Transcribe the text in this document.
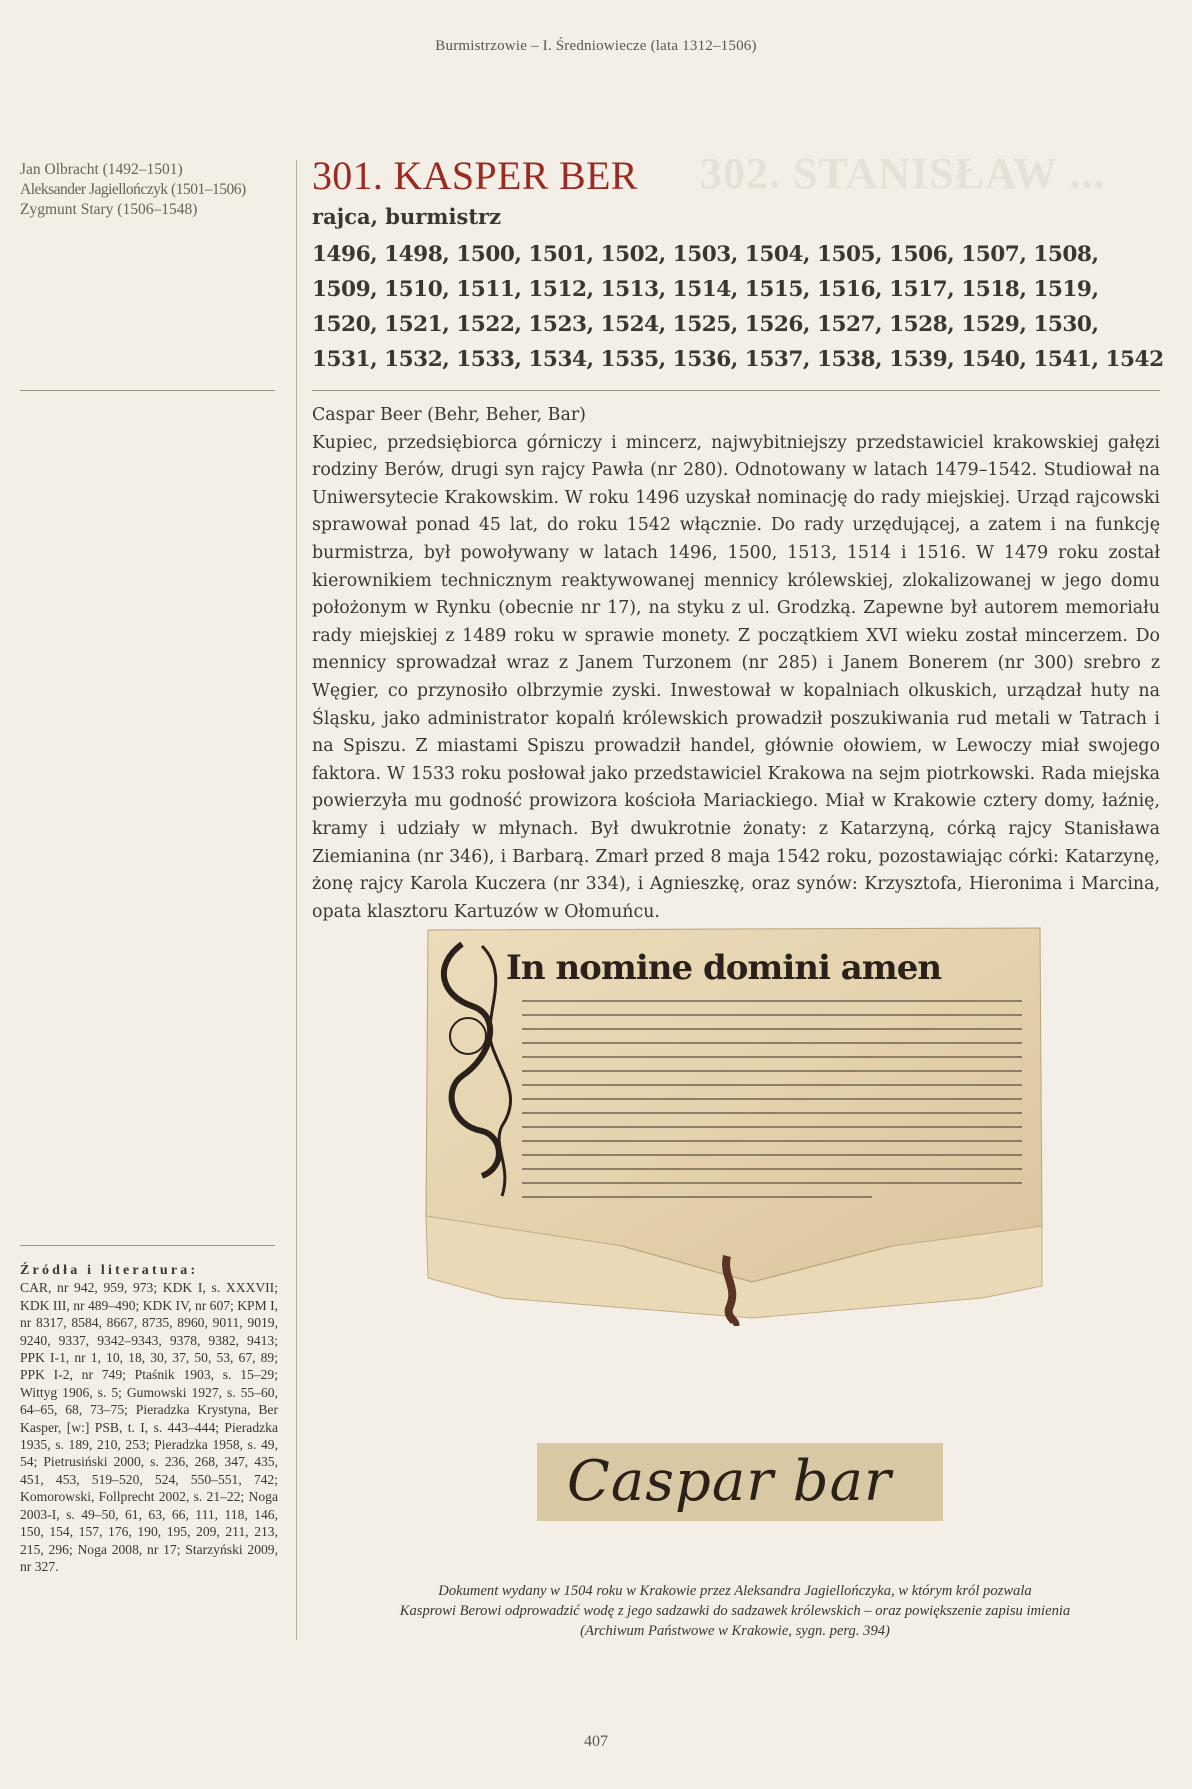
302. STANISŁAW ...
Burmistrzowie – I. Średniowiecze (lata 1312–1506)
Jan Olbracht (1492–1501)
Aleksander Jagiellończyk (1501–1506)
Zygmunt Stary (1506–1548)
301. KASPER BER
rajca, burmistrz
1496, 1498, 1500, 1501, 1502, 1503, 1504, 1505, 1506, 1507, 1508, 1509, 1510, 1511, 1512, 1513, 1514, 1515, 1516, 1517, 1518, 1519, 1520, 1521, 1522, 1523, 1524, 1525, 1526, 1527, 1528, 1529, 1530, 1531, 1532, 1533, 1534, 1535, 1536, 1537, 1538, 1539, 1540, 1541, 1542
Caspar Beer (Behr, Beher, Bar)
Kupiec, przedsiębiorca górniczy i mincerz, najwybitniejszy przedstawiciel krakowskiej gałęzi rodziny Berów, drugi syn rajcy Pawła (nr 280). Odnotowany w latach 1479–1542. Studiował na Uniwersytecie Krakowskim. W roku 1496 uzyskał nominację do rady miejskiej. Urząd rajcowski sprawował ponad 45 lat, do roku 1542 włącznie. Do rady urzędującej, a zatem i na funkcję burmistrza, był powoływany w latach 1496, 1500, 1513, 1514 i 1516. W 1479 roku został kierownikiem technicznym reaktywowanej mennicy królewskiej, zlokalizowanej w jego domu położonym w Rynku (obecnie nr 17), na styku z ul. Grodzką. Zapewne był autorem memoriału rady miejskiej z 1489 roku w sprawie monety. Z początkiem XVI wieku został mincerzem. Do mennicy sprowadzał wraz z Janem Turzonem (nr 285) i Janem Bonerem (nr 300) srebro z Węgier, co przynosiło olbrzymie zyski. Inwestował w kopalniach olkuskich, urządzał huty na Śląsku, jako administrator kopalń królewskich prowadził poszukiwania rud metali w Tatrach i na Spiszu. Z miastami Spiszu prowadził handel, głównie ołowiem, w Lewoczy miał swojego faktora. W 1533 roku posłował jako przedstawiciel Krakowa na sejm piotrkowski. Rada miejska powierzyła mu godność prowizora kościoła Mariackiego. Miał w Krakowie cztery domy, łaźnię, kramy i udziały w młynach. Był dwukrotnie żonaty: z Katarzyną, córką rajcy Stanisława Ziemianina (nr 346), i Barbarą. Zmarł przed 8 maja 1542 roku, pozostawiając córki: Katarzynę, żonę rajcy Karola Kuczera (nr 334), i Agnieszkę, oraz synów: Krzysztofa, Hieronima i Marcina, opata klasztoru Kartuzów w Ołomuńcu.
In nomine domini amen
Caspar bar
Dokument wydany w 1504 roku w Krakowie przez Aleksandra Jagiellończyka, w którym król pozwala
Kasprowi Berowi odprowadzić wodę z jego sadzawki do sadzawek królewskich – oraz powiększenie zapisu imienia
(Archiwum Państwowe w Krakowie, sygn. perg. 394)
Źródła i literatura:
CAR, nr 942, 959, 973; KDK I, s. XXXVII; KDK III, nr 489–490; KDK IV, nr 607; KPM I, nr 8317, 8584, 8667, 8735, 8960, 9011, 9019, 9240, 9337, 9342–9343, 9378, 9382, 9413; PPK I-1, nr 1, 10, 18, 30, 37, 50, 53, 67, 89; PPK I-2, nr 749; Ptaśnik 1903, s. 15–29; Wittyg 1906, s. 5; Gumowski 1927, s. 55–60, 64–65, 68, 73–75; Pieradzka Krystyna, Ber Kasper, [w:] PSB, t. I, s. 443–444; Pieradzka 1935, s. 189, 210, 253; Pieradzka 1958, s. 49, 54; Pietrusiński 2000, s. 236, 268, 347, 435, 451, 453, 519–520, 524, 550–551, 742; Komorowski, Follprecht 2002, s. 21–22; Noga 2003-I, s. 49–50, 61, 63, 66, 111, 118, 146, 150, 154, 157, 176, 190, 195, 209, 211, 213, 215, 296; Noga 2008, nr 17; Starzyński 2009, nr 327.
407
